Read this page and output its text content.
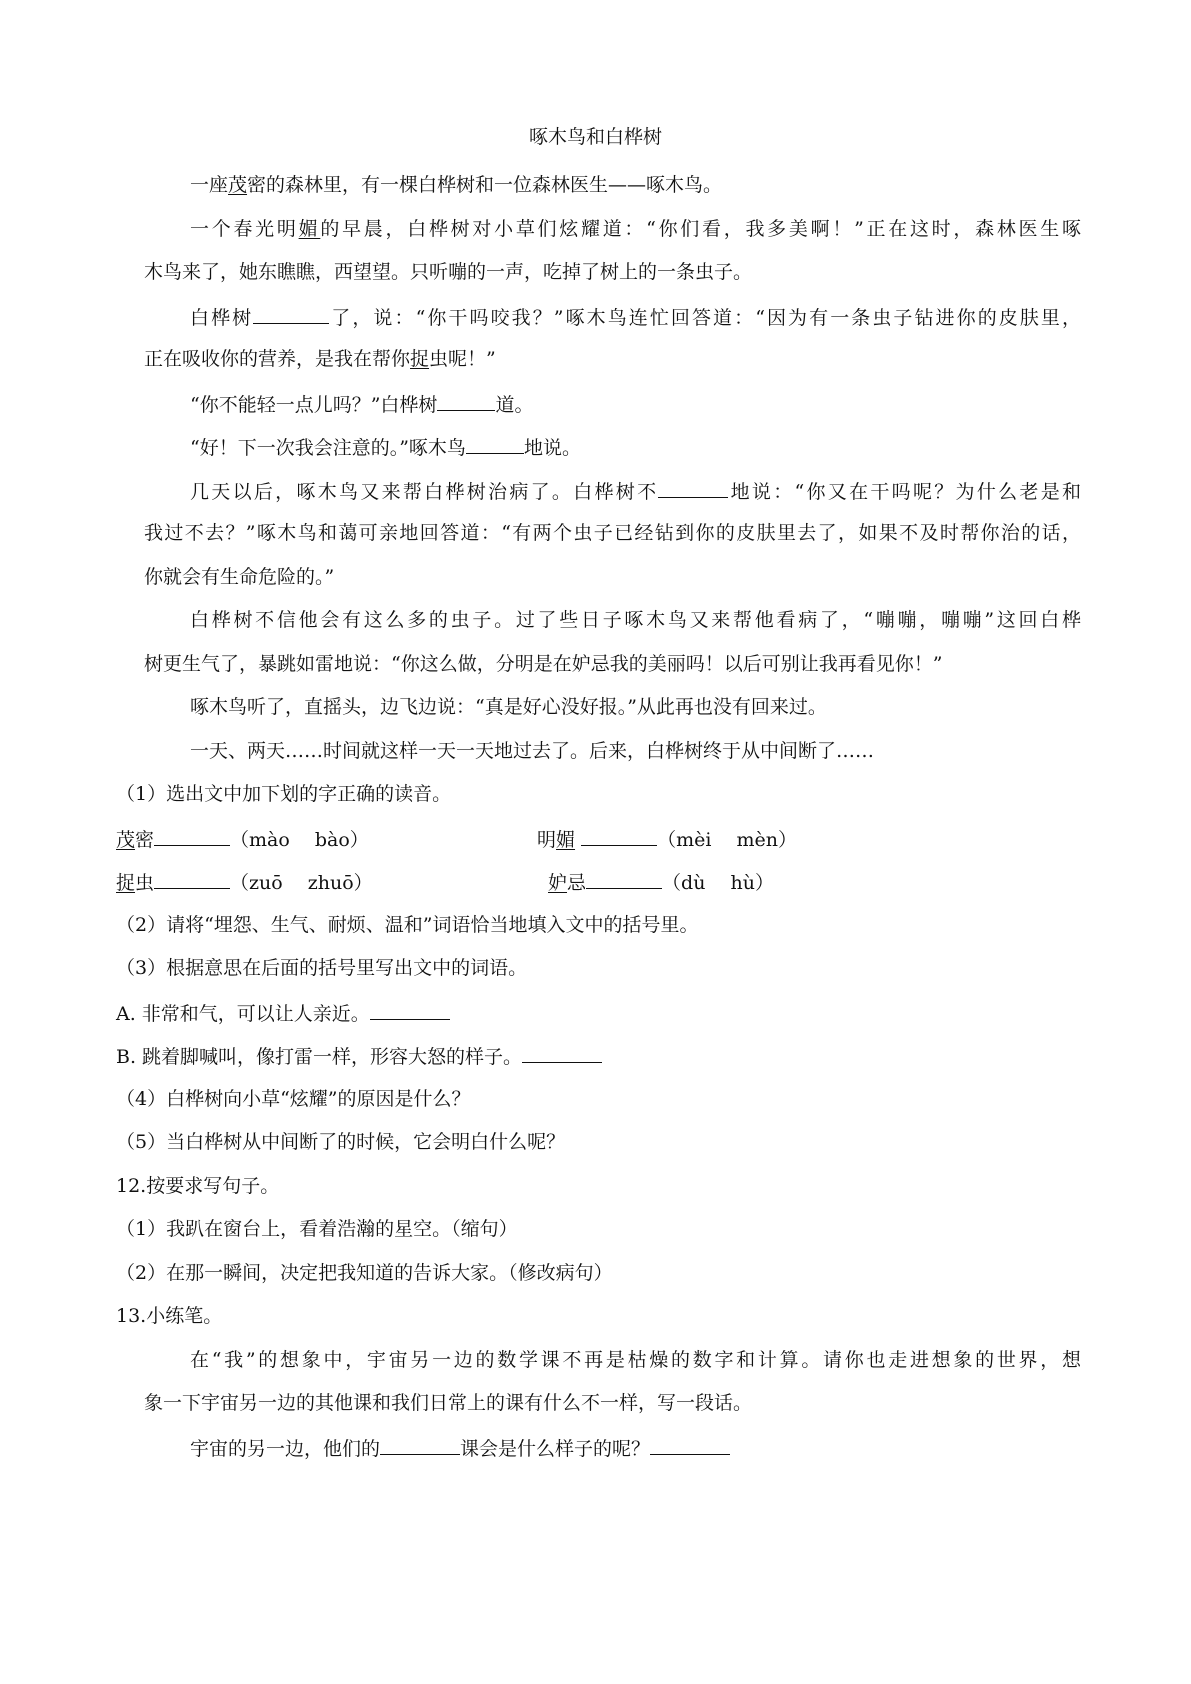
啄木鸟和白桦树
一座茂密的森林里，有一棵白桦树和一位森林医生——啄木鸟。
一个春光明媚的早晨，白桦树对小草们炫耀道：“你们看，我多美啊！”正在这时，森林医生啄
木鸟来了，她东瞧瞧，西望望。只听嘣的一声，吃掉了树上的一条虫子。
白桦树	了，说：“你干吗咬我？”啄木鸟连忙回答道：“因为有一条虫子钻进你的皮肤里，
正在吸收你的营养，是我在帮你捉虫呢！”
“你不能轻一点儿吗？”白桦树	道。
“好！下一次我会注意的。”啄木鸟	地说。
几天以后，啄木鸟又来帮白桦树治病了。白桦树不	地说：“你又在干吗呢？为什么老是和
我过不去？”啄木鸟和蔼可亲地回答道：“有两个虫子已经钻到你的皮肤里去了，如果不及时帮你治的话，
你就会有生命危险的。”
白桦树不信他会有这么多的虫子。过了些日子啄木鸟又来帮他看病了，“嘣嘣，嘣嘣”这回白桦
树更生气了，暴跳如雷地说：“你这么做，分明是在妒忌我的美丽吗！以后可别让我再看见你！”
啄木鸟听了，直摇头，边飞边说：“真是好心没好报。”从此再也没有回来过。
一天、两天……时间就这样一天一天地过去了。后来，白桦树终于从中间断了……
（1）选出文中加下划的字正确的读音。
茂密	（mào　 bào）	明媚	（mèi　 mèn）
捉虫	（zuō　 zhuō）	妒忌	（dù　 hù）
（2）请将“埋怨、生气、耐烦、温和”词语恰当地填入文中的括号里。
（3）根据意思在后面的括号里写出文中的词语。
A. 非常和气，可以让人亲近。
B. 跳着脚喊叫，像打雷一样，形容大怒的样子。
（4）白桦树向小草“炫耀”的原因是什么？
（5）当白桦树从中间断了的时候，它会明白什么呢？
12.按要求写句子。
（1）我趴在窗台上，看着浩瀚的星空。（缩句）
（2）在那一瞬间，决定把我知道的告诉大家。（修改病句）
13.小练笔。
在“我”的想象中，宇宙另一边的数学课不再是枯燥的数字和计算。请你也走进想象的世界，想
象一下宇宙另一边的其他课和我们日常上的课有什么不一样，写一段话。
宇宙的另一边，他们的	课会是什么样子的呢？
